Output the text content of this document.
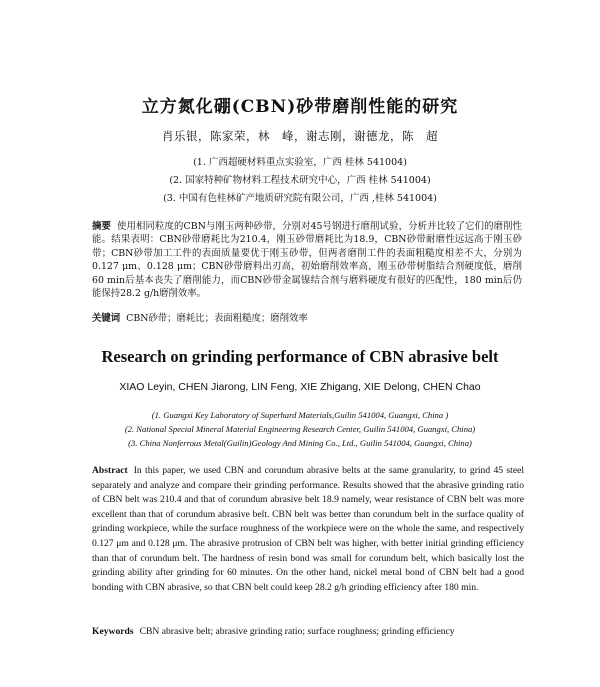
立方氮化硼(CBN)砂带磨削性能的研究
肖乐银，陈家荣，林　峰，谢志刚，谢德龙，陈　超
(1. 广西超硬材料重点实验室，广西 桂林 541004)
(2. 国家特种矿物材料工程技术研究中心，广西 桂林 541004)
(3. 中国有色桂林矿产地质研究院有限公司，广西 ,桂林 541004)
摘要 使用相同粒度的CBN与刚玉两种砂带，分别对45号钢进行磨削试验，分析并比较了它们的磨削性能。结果表明：CBN砂带磨耗比为210.4，刚玉砂带磨耗比为18.9，CBN砂带耐磨性远远高于刚玉砂带；CBN砂带加工工件的表面质量要优于刚玉砂带，但两者磨削工件的表面粗糙度相差不大，分别为0.127 μm、0.128 μm；CBN砂带磨料出刃高，初始磨削效率高，刚玉砂带树脂结合剂硬度低，磨削60 min后基本丧失了磨削能力，而CBN砂带金属镍结合剂与磨料硬度有很好的匹配性，180 min后仍能保持28.2 g/h磨削效率。
关键词 CBN砂带；磨耗比；表面粗糙度；磨削效率
Research on grinding performance of CBN abrasive belt
XIAO Leyin, CHEN Jiarong, LIN Feng, XIE Zhigang, XIE Delong, CHEN Chao
(1. Guangxi Key Laboratory of Superhard Materials,Guilin 541004, Guangxi, China )
(2. National Special Mineral Material Engineering Research Center, Guilin 541004, Guangxi, China)
(3. China Nonferrous Metal(Guilin)Geology And Mining Co., Ltd., Guilin 541004, Guangxi, China)
Abstract In this paper, we used CBN and corundum abrasive belts at the same granularity, to grind 45 steel separately and analyze and compare their grinding performance. Results showed that the abrasive grinding ratio of CBN belt was 210.4 and that of corundum abrasive belt 18.9 namely, wear resistance of CBN belt was more excellent than that of corundum abrasive belt. CBN belt was better than corundum belt in the surface quality of grinding workpiece, while the surface roughness of the workpiece were on the whole the same, and respectively 0.127 μm and 0.128 μm. The abrasive protrusion of CBN belt was higher, with better initial grinding efficiency than that of corundum belt. The hardness of resin bond was small for corundum belt, which basically lost the grinding ability after grinding for 60 minutes. On the other hand, nickel metal bond of CBN belt had a good bonding with CBN abrasive, so that CBN belt could keep 28.2 g/h grinding efficiency after 180 min.
Keywords CBN abrasive belt; abrasive grinding ratio; surface roughness; grinding efficiency
